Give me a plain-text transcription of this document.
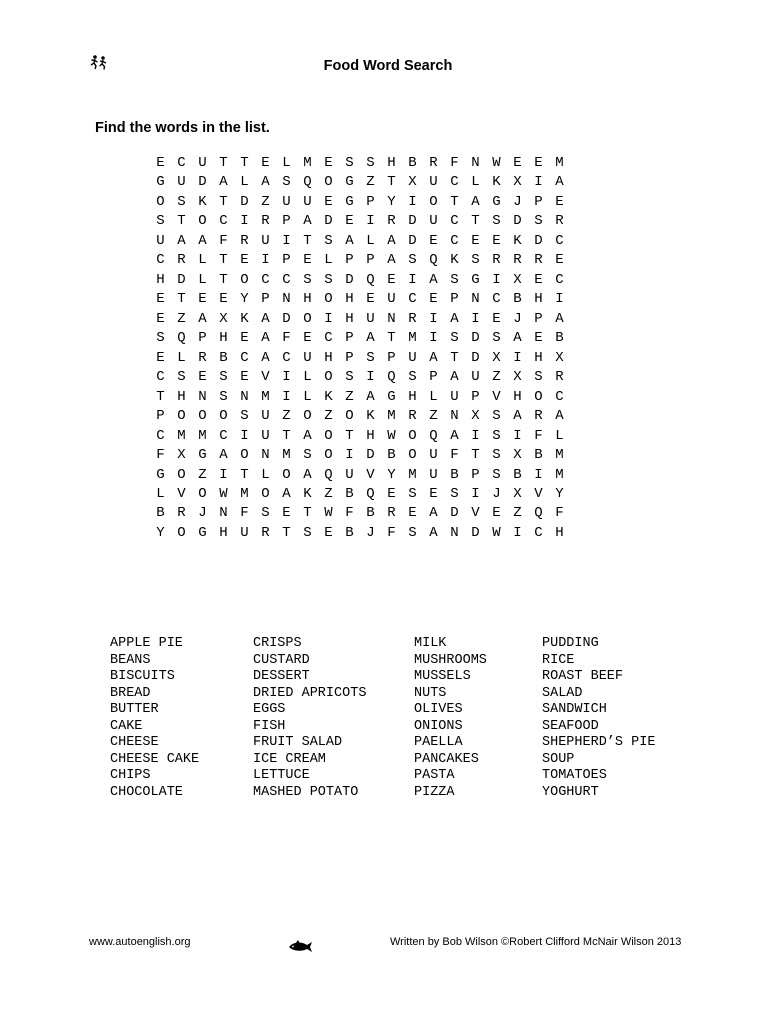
Food Word Search
Find the words in the list.
E C U T T E L M E S S H B R F N W E E M
G U D A L A S Q O G Z T X U C L K X I A
O S K T D Z U U E G P Y I O T A G J P E
S T O C I R P A D E I R D U C T S D S R
U A A F R U I T S A L A D E C E E K D C
C R L T E I P E L P P A S Q K S R R R E
H D L T O C C S S D Q E I A S G I X E C
E T E E Y P N H O H E U C E P N C B H I
E Z A X K A D O I H U N R I A I E J P A
S Q P H E A F E C P A T M I S D S A E B
E L R B C A C U H P S P U A T D X I H X
C S E S E V I L O S I Q S P A U Z X S R
T H N S N M I L K Z A G H L U P V H O C
P O O O S U Z O Z O K M R Z N X S A R A
C M M C I U T A O T H W O Q A I S I F L
F X G A O N M S O I D B O U F T S X B M
G O Z I T L O A Q U V Y M U B P S B I M
L V O W M O A K Z B Q E S E S I J X V Y
B R J N F S E T W F B R E A D V E Z Q F
Y O G H U R T S E B J F S A N D W I C H
APPLE PIE
BEANS
BISCUITS
BREAD
BUTTER
CAKE
CHEESE
CHEESE CAKE
CHIPS
CHOCOLATE
CRISPS
CUSTARD
DESSERT
DRIED APRICOTS
EGGS
FISH
FRUIT SALAD
ICE CREAM
LETTUCE
MASHED POTATO
MILK
MUSHROOMS
MUSSELS
NUTS
OLIVES
ONIONS
PAELLA
PANCAKES
PASTA
PIZZA
PUDDING
RICE
ROAST BEEF
SALAD
SANDWICH
SEAFOOD
SHEPHERD’S PIE
SOUP
TOMATOES
YOGHURT
www.autoenglish.org	Written by Bob Wilson ©Robert Clifford McNair Wilson 2013
